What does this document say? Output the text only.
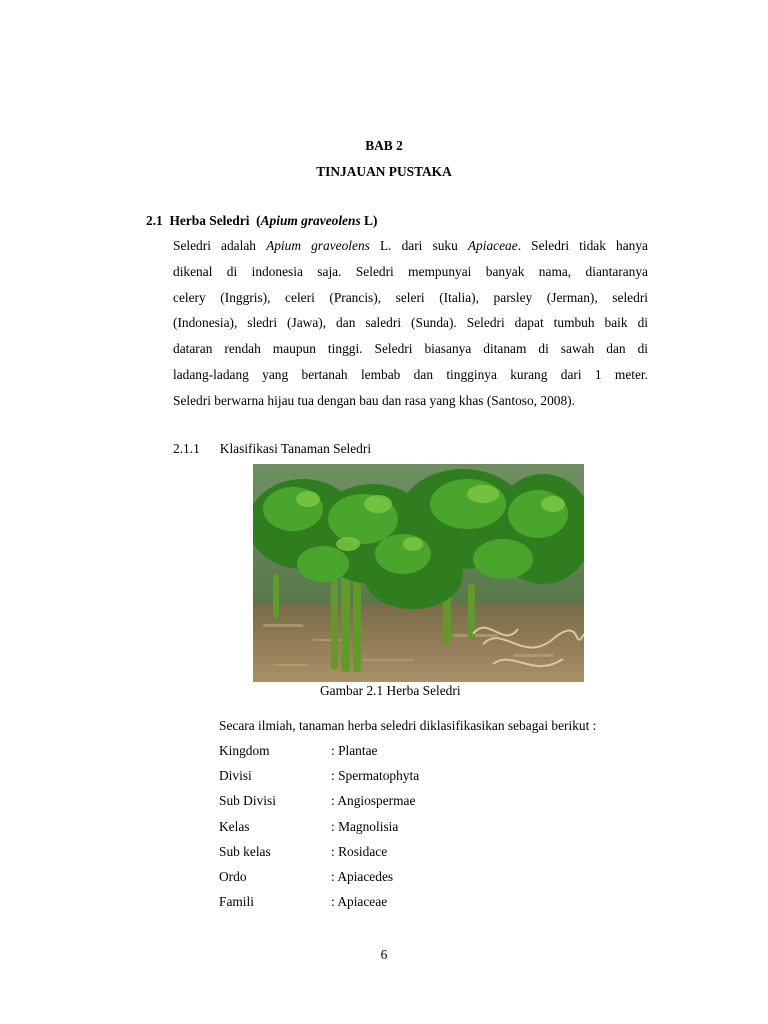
BAB 2
TINJAUAN PUSTAKA
2.1 Herba Seledri (Apium graveolens L)
Seledri adalah Apium graveolens L. dari suku Apiaceae. Seledri tidak hanya
dikenal di indonesia saja. Seledri mempunyai banyak nama, diantaranya
celery (Inggris), celeri (Prancis), seleri (Italia), parsley (Jerman), seledri
(Indonesia), sledri (Jawa), dan saledri (Sunda). Seledri dapat tumbuh baik di
dataran rendah maupun tinggi. Seledri biasanya ditanam di sawah dan di
ladang-ladang yang bertanah lembab dan tingginya kurang dari 1 meter.
Seledri berwarna hijau tua dengan bau dan rasa yang khas (Santoso, 2008).
2.1.1 Klasifikasi Tanaman Seledri
Gambar 2.1 Herba Seledri
Secara ilmiah, tanaman herba seledri diklasifikasikan sebagai berikut :
Kingdom	: Plantae
Divisi	: Spermatophyta
Sub Divisi	: Angiospermae
Kelas	: Magnolisia
Sub kelas	: Rosidace
Ordo	: Apiacedes
Famili	: Apiaceae
6
